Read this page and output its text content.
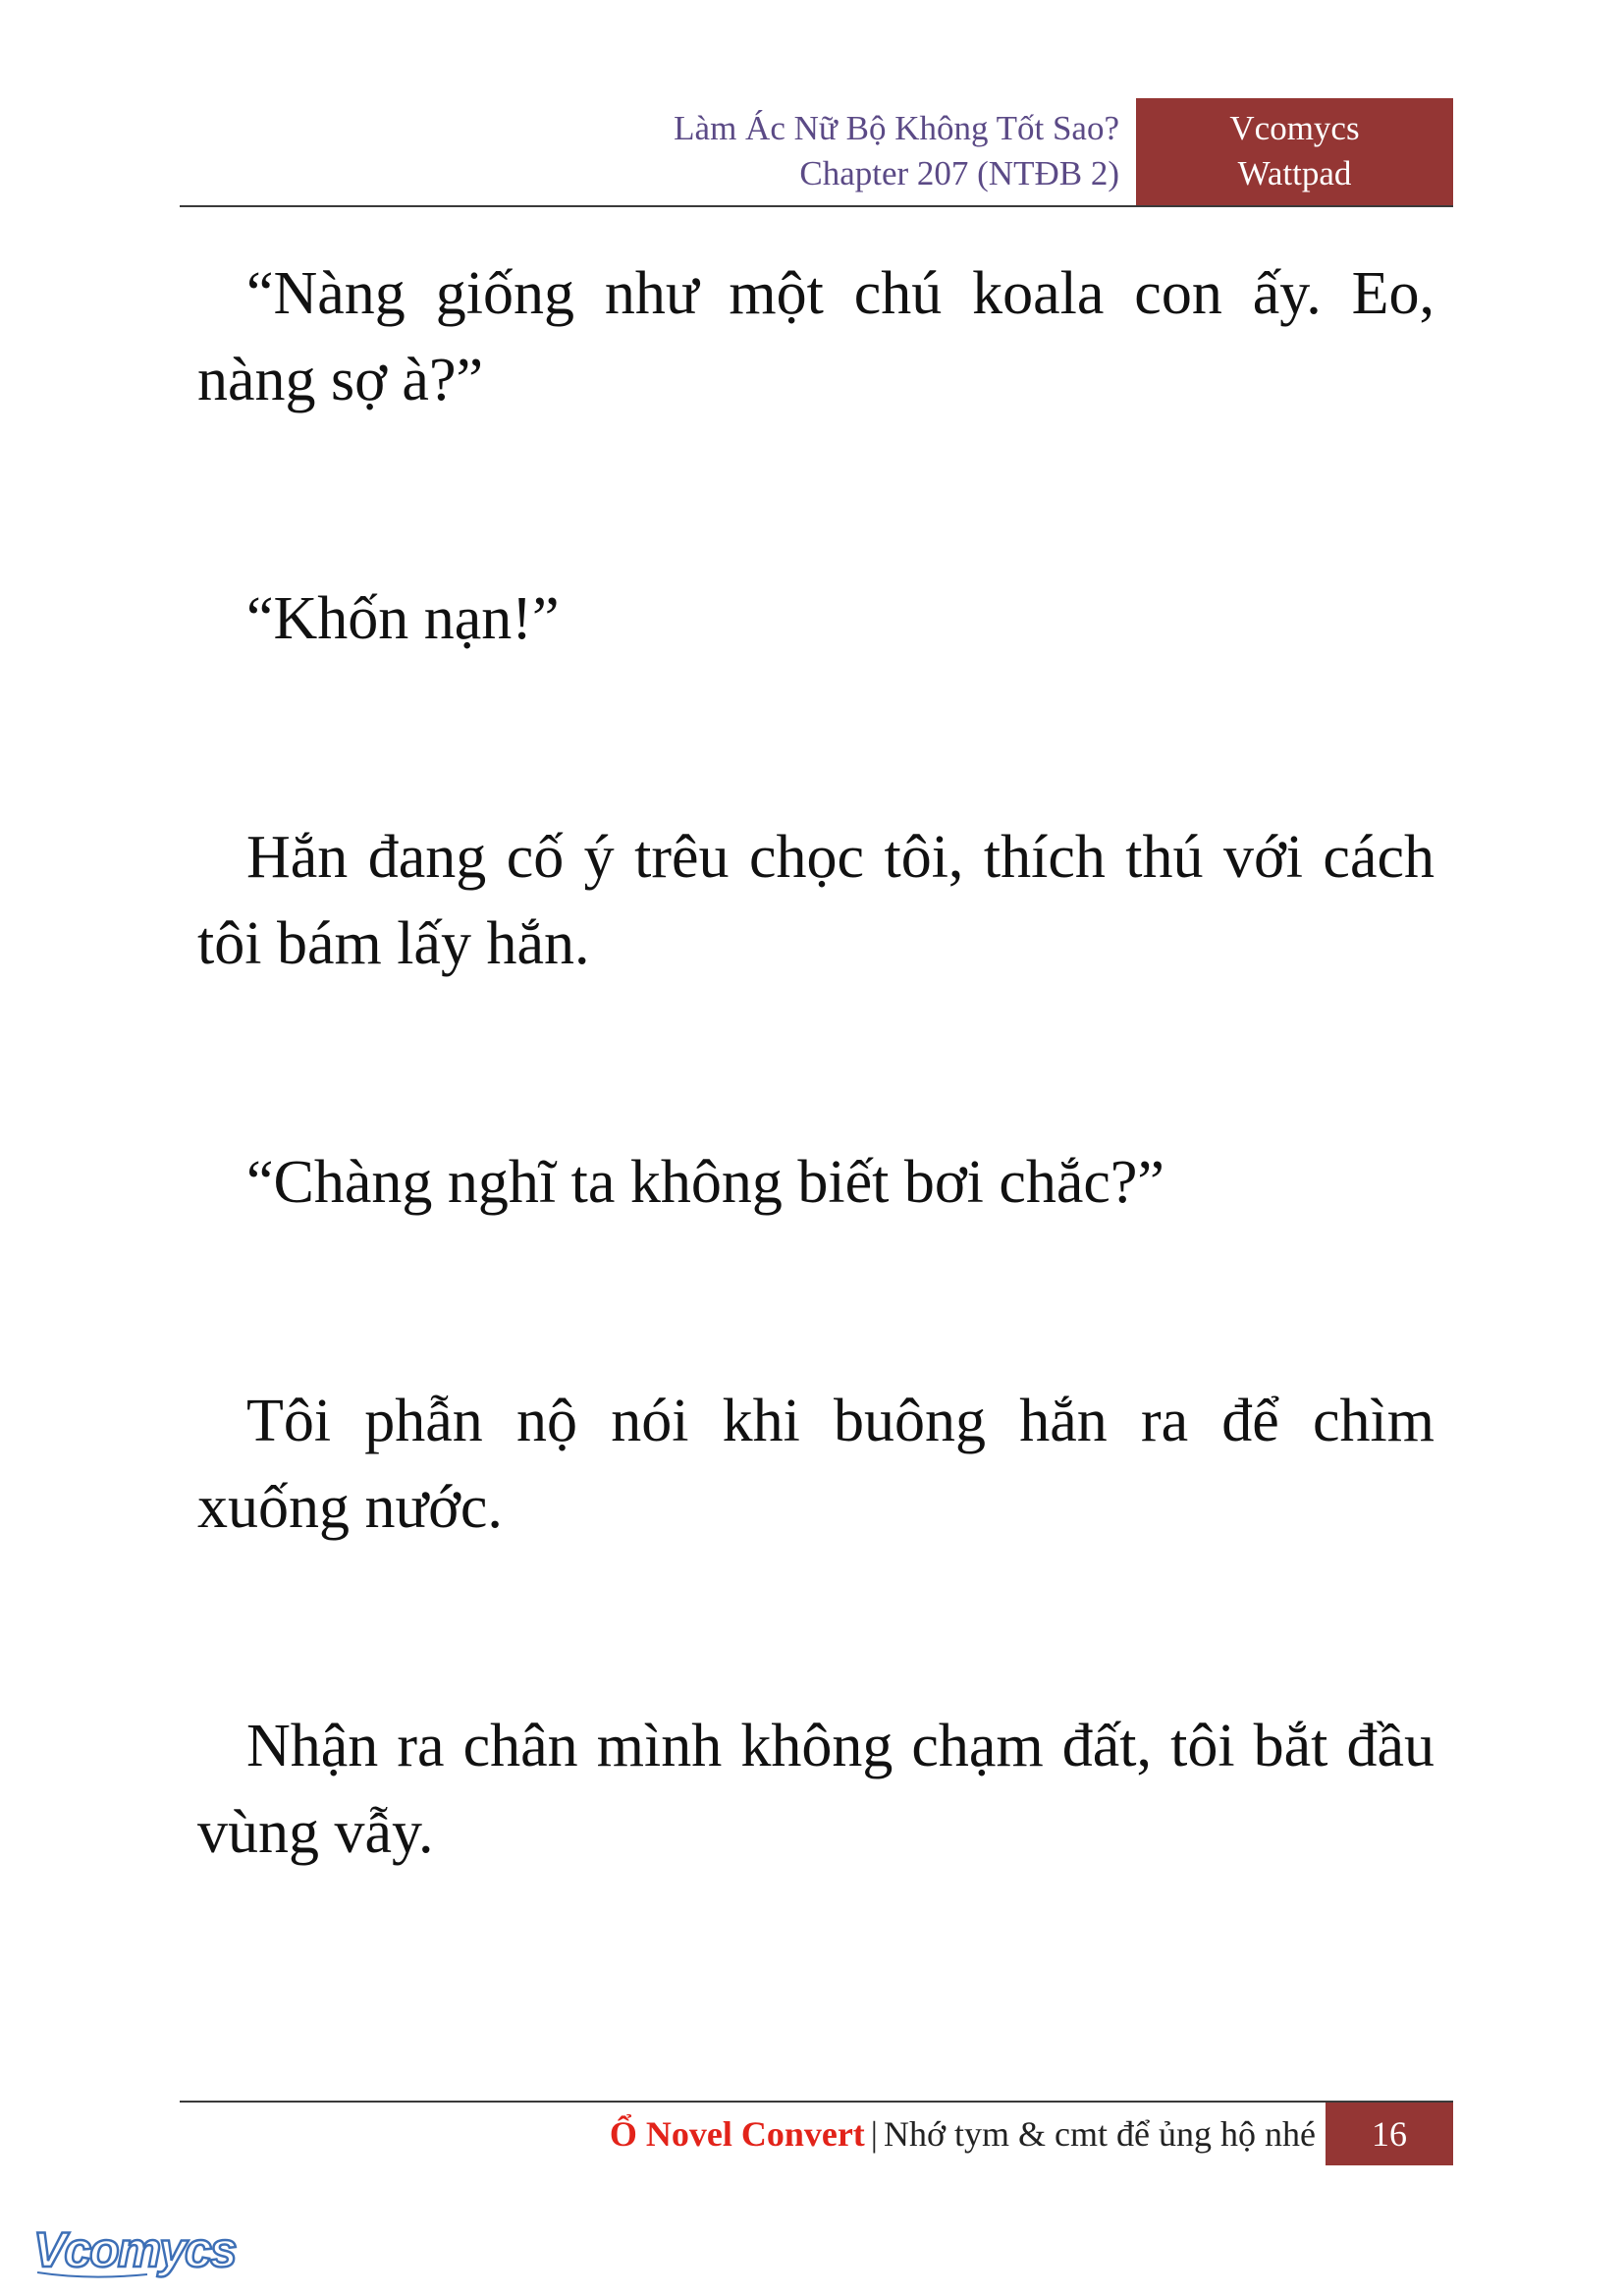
Làm Ác Nữ Bộ Không Tốt Sao?
Chapter 207 (NTĐB 2)
Vcomycs
Wattpad

“Nàng giống như một chú koala con ấy. Eo, nàng sợ à?”

“Khốn nạn!”

Hắn đang cố ý trêu chọc tôi, thích thú với cách tôi bám lấy hắn.

“Chàng nghĩ ta không biết bơi chắc?”

Tôi phẫn nộ nói khi buông hắn ra để chìm xuống nước.

Nhận ra chân mình không chạm đất, tôi bắt đầu vùng vẫy.

Ổ Novel Convert | Nhớ tym & cmt để ủng hộ nhé	16
Vcomycs
